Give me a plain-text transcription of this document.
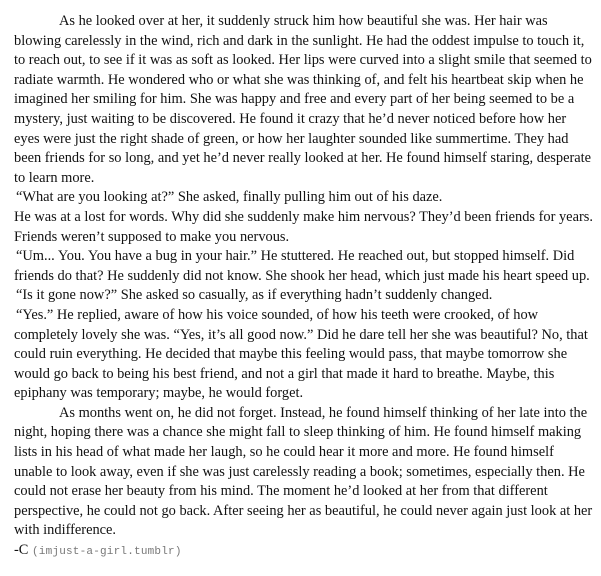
As he looked over at her, it suddenly struck him how beautiful she was. Her hair was blowing carelessly in the wind, rich and dark in the sunlight. He had the oddest impulse to touch it, to reach out, to see if it was as soft as looked. Her lips were curved into a slight smile that seemed to radiate warmth. He wondered who or what she was thinking of, and felt his heartbeat skip when he imagined her smiling for him. She was happy and free and every part of her being seemed to be a mystery, just waiting to be discovered. He found it crazy that he’d never noticed before how her eyes were just the right shade of green, or how her laughter sounded like summertime. They had been friends for so long, and yet he’d never really looked at her. He found himself staring, desperate to learn more.

“What are you looking at?” She asked, finally pulling him out of his daze.

He was at a lost for words. Why did she suddenly make him nervous? They’d been friends for years. Friends weren’t supposed to make you nervous.

“Um... You. You have a bug in your hair.” He stuttered. He reached out, but stopped himself. Did friends do that? He suddenly did not know. She shook her head, which just made his heart speed up.

“Is it gone now?” She asked so casually, as if everything hadn’t suddenly changed.

“Yes.” He replied, aware of how his voice sounded, of how his teeth were crooked, of how completely lovely she was. “Yes, it’s all good now.” Did he dare tell her she was beautiful? No, that could ruin everything. He decided that maybe this feeling would pass, that maybe tomorrow she would go back to being his best friend, and not a girl that made it hard to breathe. Maybe, this epiphany was temporary; maybe, he would forget.

As months went on, he did not forget. Instead, he found himself thinking of her late into the night, hoping there was a chance she might fall to sleep thinking of him. He found himself making lists in his head of what made her laugh, so he could hear it more and more. He found himself unable to look away, even if she was just carelessly reading a book; sometimes, especially then. He could not erase her beauty from his mind. The moment he’d looked at her from that different perspective, he could not go back. After seeing her as beautiful, he could never again just look at her with indifference.

-C (imjust-a-girl.tumblr)
